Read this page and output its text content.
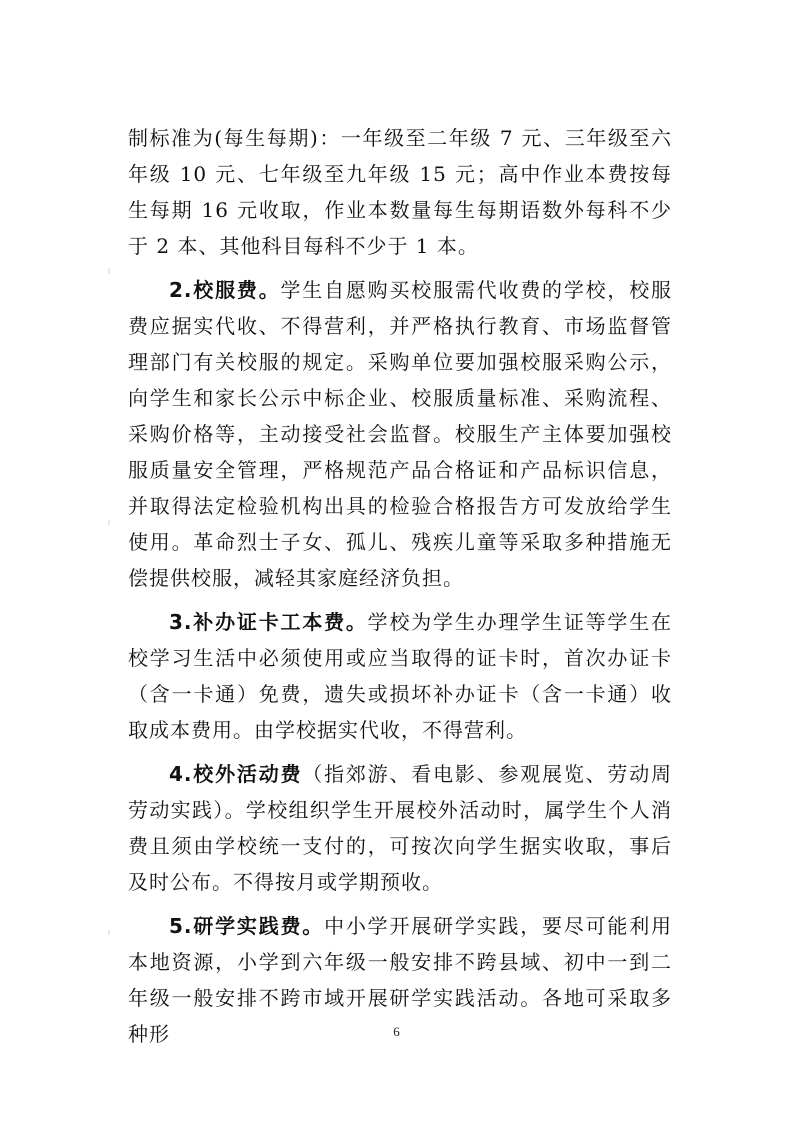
制标准为(每生每期)：一年级至二年级 7 元、三年级至六年级 10 元、七年级至九年级 15 元；高中作业本费按每生每期 16 元收取，作业本数量每生每期语数外每科不少于 2 本、其他科目每科不少于 1 本。

2.校服费。学生自愿购买校服需代收费的学校，校服费应据实代收、不得营利，并严格执行教育、市场监督管理部门有关校服的规定。采购单位要加强校服采购公示，向学生和家长公示中标企业、校服质量标准、采购流程、采购价格等，主动接受社会监督。校服生产主体要加强校服质量安全管理，严格规范产品合格证和产品标识信息，并取得法定检验机构出具的检验合格报告方可发放给学生使用。革命烈士子女、孤儿、残疾儿童等采取多种措施无偿提供校服，减轻其家庭经济负担。

3.补办证卡工本费。学校为学生办理学生证等学生在校学习生活中必须使用或应当取得的证卡时，首次办证卡（含一卡通）免费，遗失或损坏补办证卡（含一卡通）收取成本费用。由学校据实代收，不得营利。

4.校外活动费（指郊游、看电影、参观展览、劳动周劳动实践）。学校组织学生开展校外活动时，属学生个人消费且须由学校统一支付的，可按次向学生据实收取，事后及时公布。不得按月或学期预收。

5.研学实践费。中小学开展研学实践，要尽可能利用本地资源，小学到六年级一般安排不跨县域、初中一到二年级一般安排不跨市域开展研学实践活动。各地可采取多种形	6
